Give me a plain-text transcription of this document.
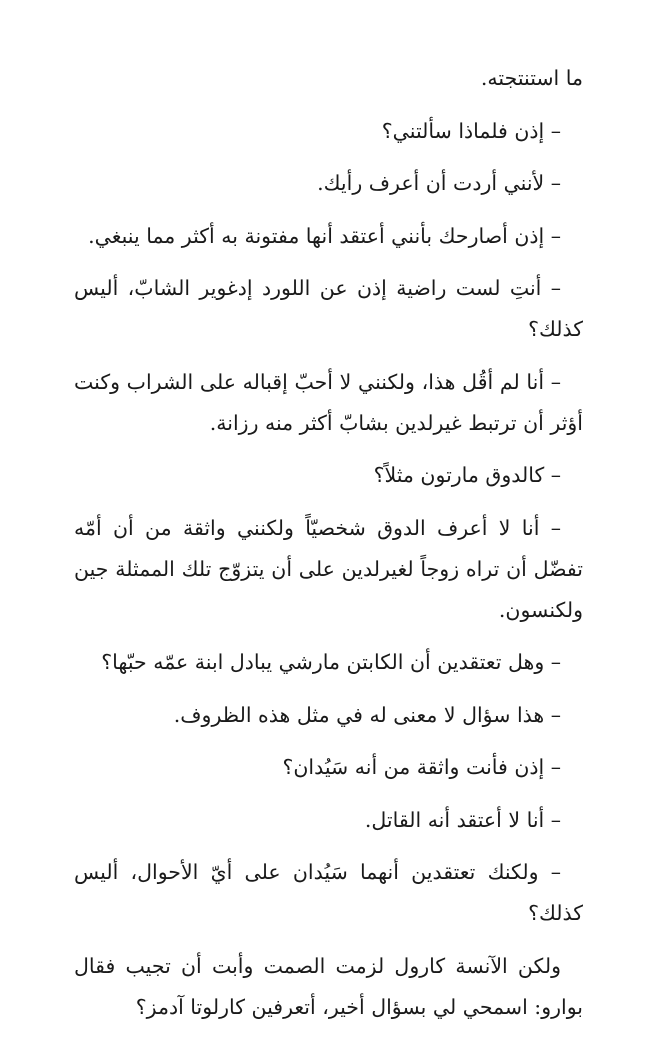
ما استنتجته.

– إذن فلماذا سألتني؟

– لأنني أردت أن أعرف رأيك.

– إذن أصارحك بأنني أعتقد أنها مفتونة به أكثر مما ينبغي.

– أنتِ لست راضية إذن عن اللورد إدغوير الشابّ، أليس كذلك؟

– أنا لم أقُل هذا، ولكنني لا أحبّ إقباله على الشراب وكنت أؤثر أن ترتبط غيرلدين بشابّ أكثر منه رزانة.

– كالدوق مارتون مثلاً؟

– أنا لا أعرف الدوق شخصيّاً ولكنني واثقة من أن أمّه تفضّل أن تراه زوجاً لغيرلدين على أن يتزوّج تلك الممثلة جين ولكنسون.

– وهل تعتقدين أن الكابتن مارشي يبادل ابنة عمّه حبّها؟

– هذا سؤال لا معنى له في مثل هذه الظروف.

– إذن فأنت واثقة من أنه سَيُدان؟

– أنا لا أعتقد أنه القاتل.

– ولكنك تعتقدين أنهما سَيُدان على أيّ الأحوال، أليس كذلك؟

ولكن الآنسة كارول لزمت الصمت وأبت أن تجيب فقال بوارو: اسمحي لي بسؤال أخير، أتعرفين كارلوتا آدمز؟
